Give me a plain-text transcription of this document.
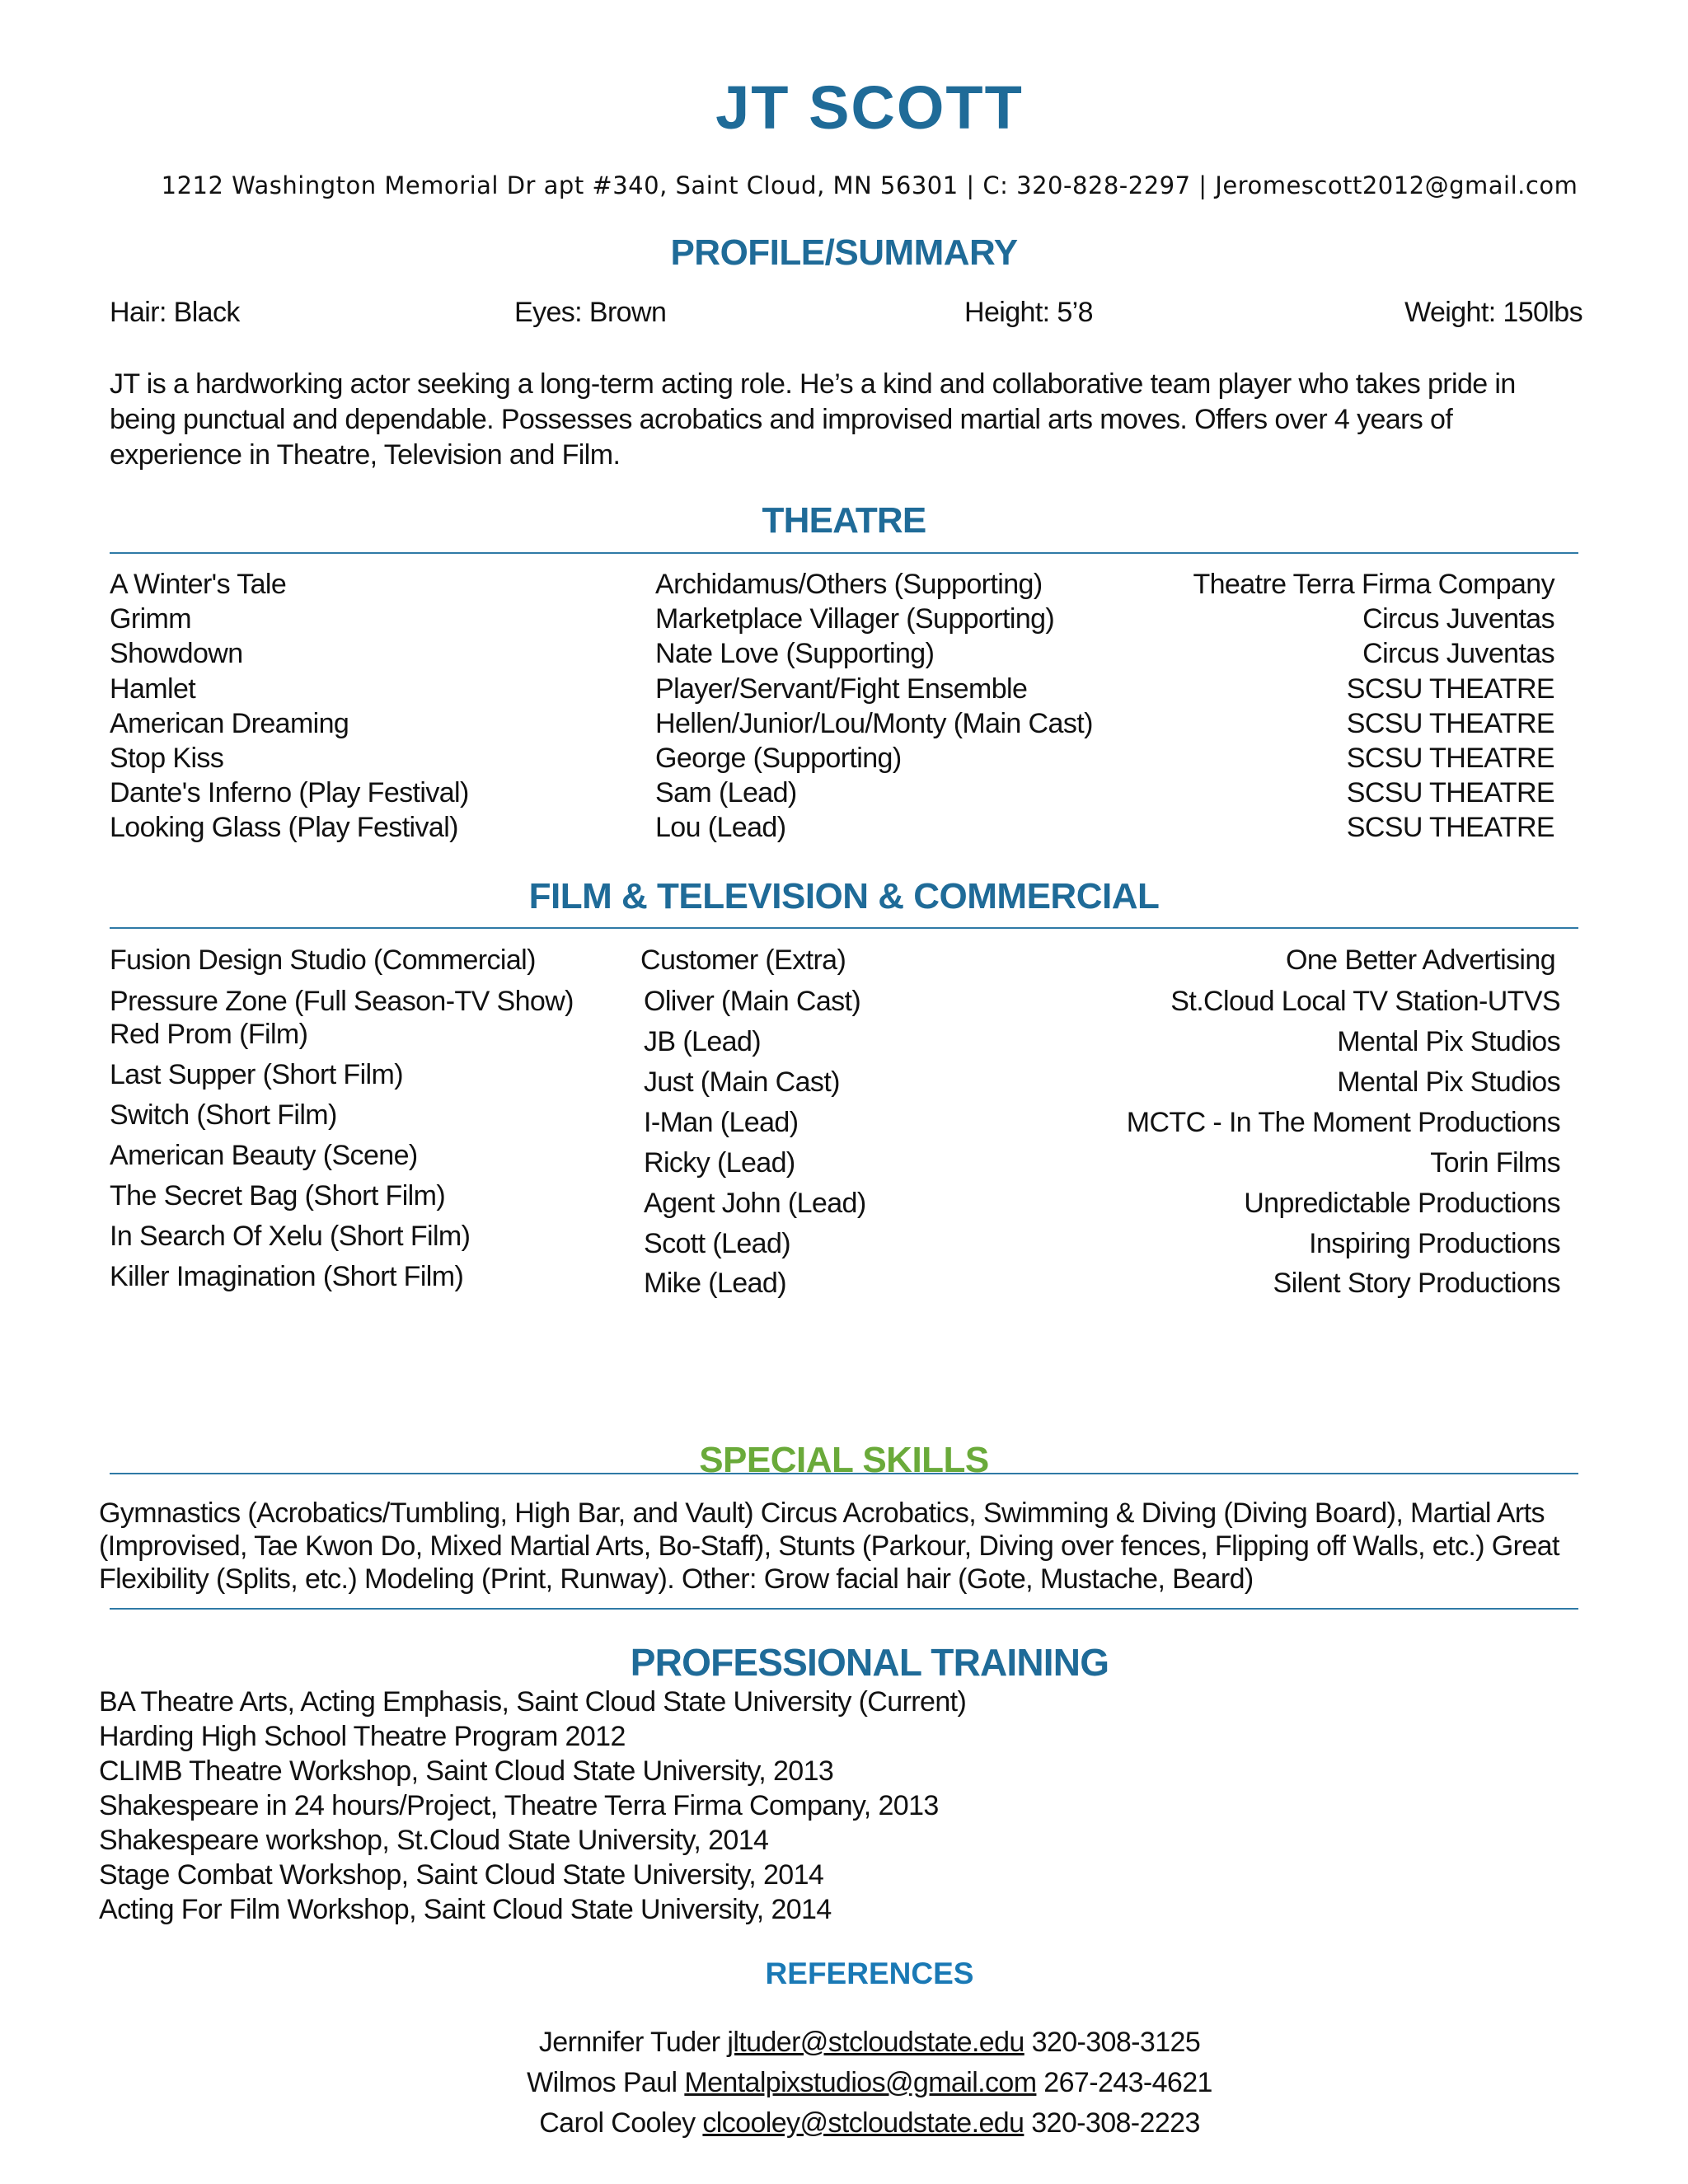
JT SCOTT
1212 Washington Memorial Dr apt #340, Saint Cloud, MN 56301 | C: 320-828-2297 | Jeromescott2012@gmail.com
PROFILE/SUMMARY
Hair: Black	Eyes: Brown	Height: 5’8	Weight: 150lbs
JT is a hardworking actor seeking a long-term acting role. He’s a kind and collaborative team player who takes pride in being punctual and dependable. Possesses acrobatics and improvised martial arts moves. Offers over 4 years of experience in Theatre, Television and Film.
THEATRE
A Winter's Tale	Archidamus/Others (Supporting)	Theatre Terra Firma Company
Grimm	Marketplace Villager (Supporting)	Circus Juventas
Showdown	Nate Love (Supporting)	Circus Juventas
Hamlet	Player/Servant/Fight Ensemble	SCSU THEATRE
American Dreaming	Hellen/Junior/Lou/Monty (Main Cast)	SCSU THEATRE
Stop Kiss	George (Supporting)	SCSU THEATRE
Dante's Inferno (Play Festival)	Sam (Lead)	SCSU THEATRE
Looking Glass (Play Festival)	Lou (Lead)	SCSU THEATRE
FILM & TELEVISION & COMMERCIAL
Fusion Design Studio (Commercial)	Customer (Extra)	One Better Advertising
Pressure Zone (Full Season-TV Show)	Oliver (Main Cast)	St.Cloud Local TV Station-UTVS
Red Prom (Film)	JB (Lead)	Mental Pix Studios
Last Supper (Short Film)	Just (Main Cast)	Mental Pix Studios
Switch (Short Film)	I-Man (Lead)	MCTC - In The Moment Productions
American Beauty (Scene)	Ricky (Lead)	Torin Films
The Secret Bag (Short Film)	Agent John (Lead)	Unpredictable Productions
In Search Of Xelu (Short Film)	Scott (Lead)	Inspiring Productions
Killer Imagination (Short Film)	Mike (Lead)	Silent Story Productions
SPECIAL SKILLS
Gymnastics (Acrobatics/Tumbling, High Bar, and Vault) Circus Acrobatics, Swimming & Diving (Diving Board), Martial Arts (Improvised, Tae Kwon Do, Mixed Martial Arts, Bo-Staff), Stunts (Parkour, Diving over fences, Flipping off Walls, etc.) Great Flexibility (Splits, etc.) Modeling (Print, Runway). Other: Grow facial hair (Gote, Mustache, Beard)
PROFESSIONAL TRAINING
BA Theatre Arts, Acting Emphasis, Saint Cloud State University (Current)
Harding High School Theatre Program 2012
CLIMB Theatre Workshop, Saint Cloud State University, 2013
Shakespeare in 24 hours/Project, Theatre Terra Firma Company, 2013
Shakespeare workshop, St.Cloud State University, 2014
Stage Combat Workshop, Saint Cloud State University, 2014
Acting For Film Workshop, Saint Cloud State University, 2014
REFERENCES
Jernnifer Tuder jltuder@stcloudstate.edu 320-308-3125
Wilmos Paul Mentalpixstudios@gmail.com 267-243-4621
Carol Cooley clcooley@stcloudstate.edu 320-308-2223
